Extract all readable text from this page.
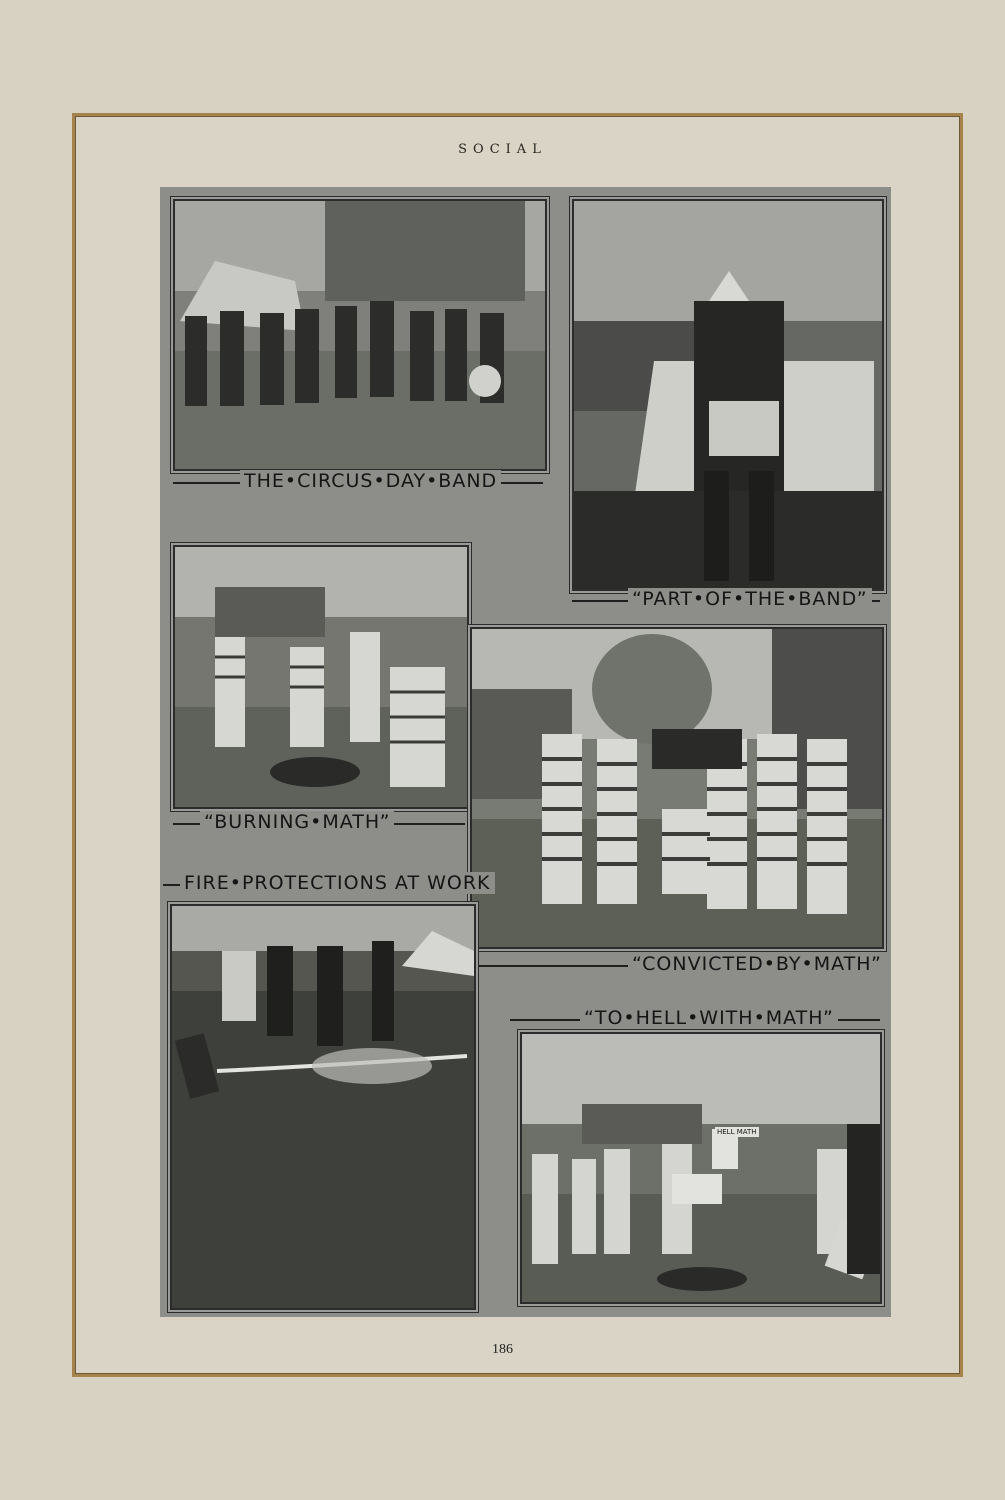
SOCIAL
THE•CIRCUS•DAY•BAND
“PART•OF•THE•BAND”
“BURNING•MATH”
“CONVICTED•BY•MATH”
FIRE•PROTECTIONS AT WORK
“TO•HELL•WITH•MATH”
HELL MATH
186
